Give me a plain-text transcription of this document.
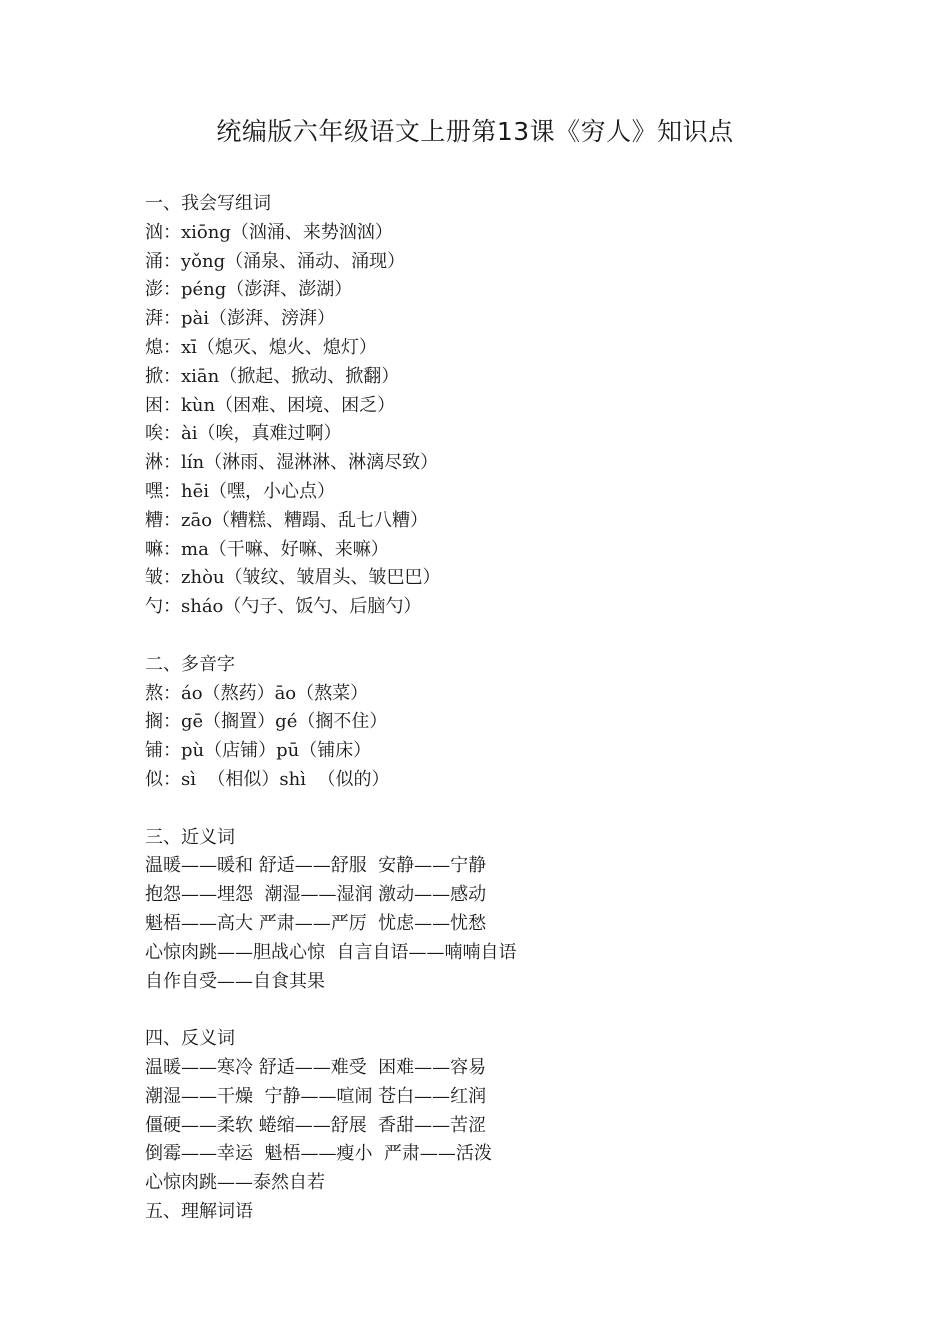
统编版六年级语文上册第13课《穷人》知识点

一、我会写组词

汹：xiōng（汹涌、来势汹汹）

涌：yǒng（涌泉、涌动、涌现）

澎：péng（澎湃、澎湖）

湃：pài（澎湃、滂湃）

熄：xī（熄灭、熄火、熄灯）

掀：xiān（掀起、掀动、掀翻）

困：kùn（困难、困境、困乏）

唉：ài（唉，真难过啊）

淋：lín（淋雨、湿淋淋、淋漓尽致）

嘿：hēi（嘿，小心点）

糟：zāo（糟糕、糟蹋、乱七八糟）

嘛：ma（干嘛、好嘛、来嘛）

皱：zhòu（皱纹、皱眉头、皱巴巴）

勺：sháo（勺子、饭勺、后脑勺）

二、多音字

熬：áo（熬药）āo（熬菜）

搁：gē（搁置）gé（搁不住）

铺：pù（店铺）pū（铺床）

似：sì  （相似）shì  （似的）

三、近义词

温暖——暖和 舒适——舒服  安静——宁静

抱怨——埋怨  潮湿——湿润 激动——感动

魁梧——高大 严肃——严厉  忧虑——忧愁

心惊肉跳——胆战心惊  自言自语——喃喃自语

自作自受——自食其果

四、反义词

温暖——寒冷 舒适——难受  困难——容易

潮湿——干燥  宁静——喧闹 苍白——红润

僵硬——柔软 蜷缩——舒展  香甜——苦涩

倒霉——幸运  魁梧——瘦小  严肃——活泼

心惊肉跳——泰然自若

五、理解词语
